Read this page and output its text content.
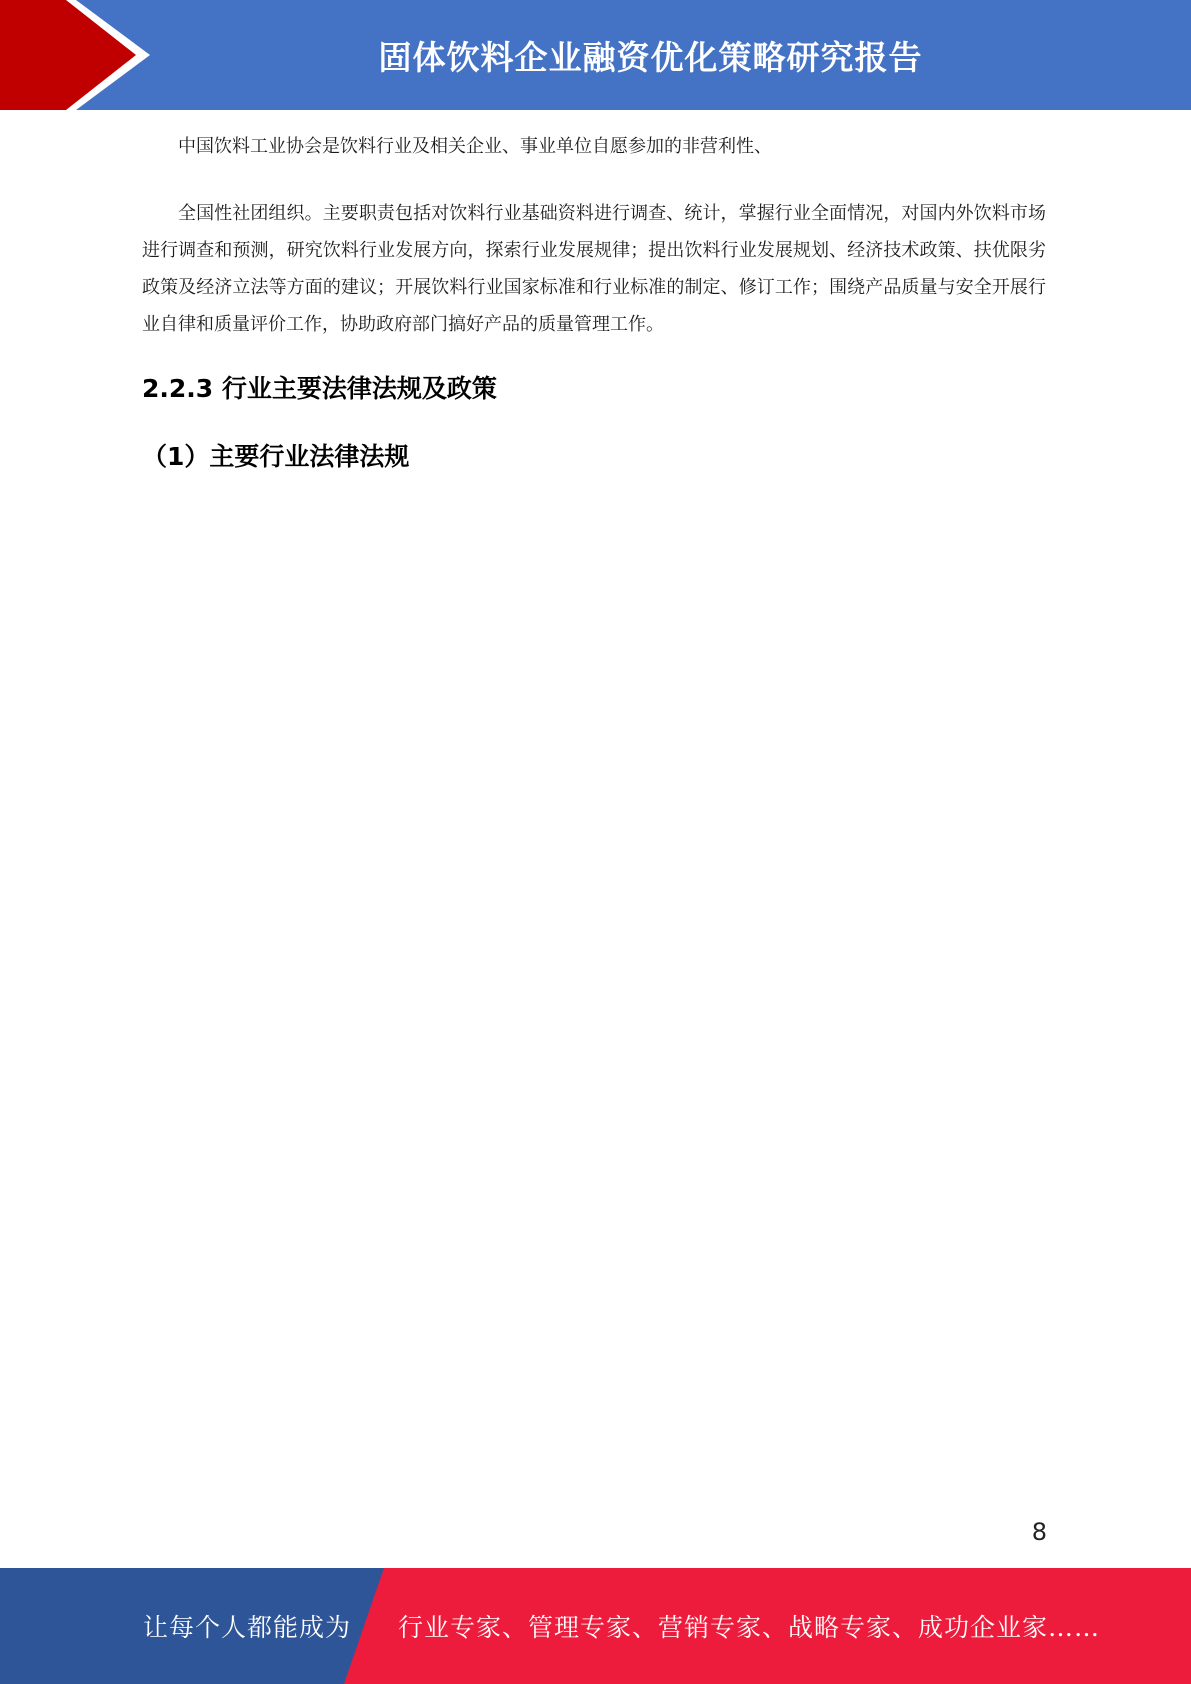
固体饮料企业融资优化策略研究报告

中国饮料工业协会是饮料行业及相关企业、事业单位自愿参加的非营利性、

全国性社团组织。主要职责包括对饮料行业基础资料进行调查、统计，掌握行业全面情况，对国内外饮料市场进行调查和预测，研究饮料行业发展方向，探索行业发展规律；提出饮料行业发展规划、经济技术政策、扶优限劣政策及经济立法等方面的建议；开展饮料行业国家标准和行业标准的制定、修订工作；围绕产品质量与安全开展行业自律和质量评价工作，协助政府部门搞好产品的质量管理工作。

2.2.3 行业主要法律法规及政策
（1）主要行业法律法规
8
让每个人都能成为 行业专家、管理专家、营销专家、战略专家、成功企业家……
